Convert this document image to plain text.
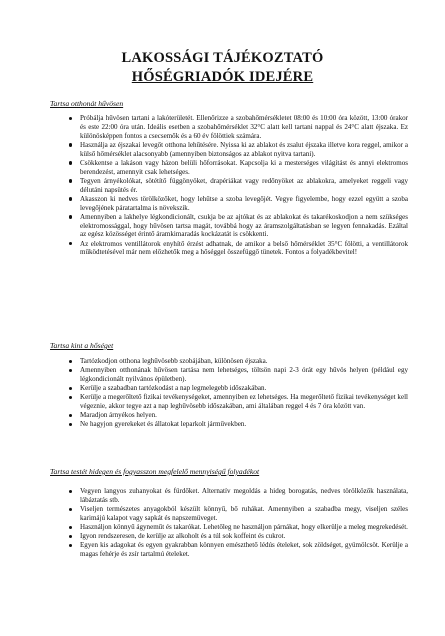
LAKOSSÁGI TÁJÉKOZTATÓ
HŐSÉGRIADÓK IDEJÉRE
Tartsa otthonát hűvösen
Próbálja hűvösen tartani a lakóterületét. Ellenőrizze a szobahőmérsékletet 08:00 és 10:00 óra között, 13:00 órakor és este 22:00 óra után. Ideális esetben a szobahőmérséklet 32°C alatt kell tartani nappal és 24°C alatt éjszaka. Ez különösképpen fontos a csecsemők és a 60 év fölöttiek számára.
Használja az éjszakai levegőt otthona lehűtésére. Nyissa ki az ablakot és zsalut éjszaka illetve kora reggel, amikor a külső hőmérséklet alacsonyabb (amennyiben biztonságos az ablakot nyitva tartani).
Csökkentse a lakáson vagy házon belüli hőforrásokat. Kapcsolja ki a mesterséges világítást és annyi elektromos berendezést, amennyit csak lehetséges.
Tegyen árnyékolókat, sötétítő függönyöket, drapériákat vagy redőnyöket az ablakokra, amelyeket reggeli vagy délutáni napsütés ér.
Akasszon ki nedves törölközőket, hogy lehűtse a szoba levegőjét. Vegye figyelembe, hogy ezzel együtt a szoba levegőjének páratartalma is növekszik.
Amennyiben a lakhelye légkondicionált, csukja be az ajtókat és az ablakokat és takarékoskodjon a nem szükséges elektromossággal, hogy hűvösen tartsa magát, továbbá hogy az áramszolgáltatásban se legyen fennakadás. Ezáltal az egész közösséget érintő áramkimaradás kockázatát is csökkenti.
Az elektromos ventillátorok enyhítő érzést adhatnak, de amikor a belső hőmérséklet 35°C fölötti, a ventillátorok működtetésével már nem előzhetők meg a hőséggel összefüggő tünetek. Fontos a folyadékbevitel!
Tartsa kint a hőséget
Tartózkodjon otthona leghűvösebb szobájában, különösen éjszaka.
Amennyiben otthonának hűvösen tartása nem lehetséges, töltsön napi 2-3 órát egy hűvös helyen (például egy légkondicionált nyilvános épületben).
Kerülje a szabadban tartózkodást a nap legmelegebb időszakában.
Kerülje a megerőltető fizikai tevékenységeket, amennyiben ez lehetséges. Ha megerőltető fizikai tevékenységet kell végeznie, akkor tegye azt a nap leghűvösebb időszakában, ami általában reggel 4 és 7 óra között van.
Maradjon árnyékos helyen.
Ne hagyjon gyerekeket és állatokat leparkolt járművekben.
Tartsa testét hidegen és fogyasszon megfelelő mennyiségű folyadékot
Vegyen langyos zuhanyokat és fürdőket. Alternatív megoldás a hideg borogatás, nedves törölközők használata, lábáztatás stb.
Viseljen természetes anyagokból készült könnyű, bő ruhákat. Amennyiben a szabadba megy, viseljen széles karimájú kalapot vagy sapkát és napszemüveget.
Használjon könnyű ágyneműt és takarókat. Lehetőleg ne használjon párnákat, hogy elkerülje a meleg megrekedését.
Igyon rendszeresen, de kerülje az alkoholt és a túl sok koffeint és cukrot.
Egyen kis adagokat és egyen gyakrabban könnyen emészthető lédús ételeket, sok zöldséget, gyümölcsöt. Kerülje a magas fehérje és zsír tartalmú ételeket.
